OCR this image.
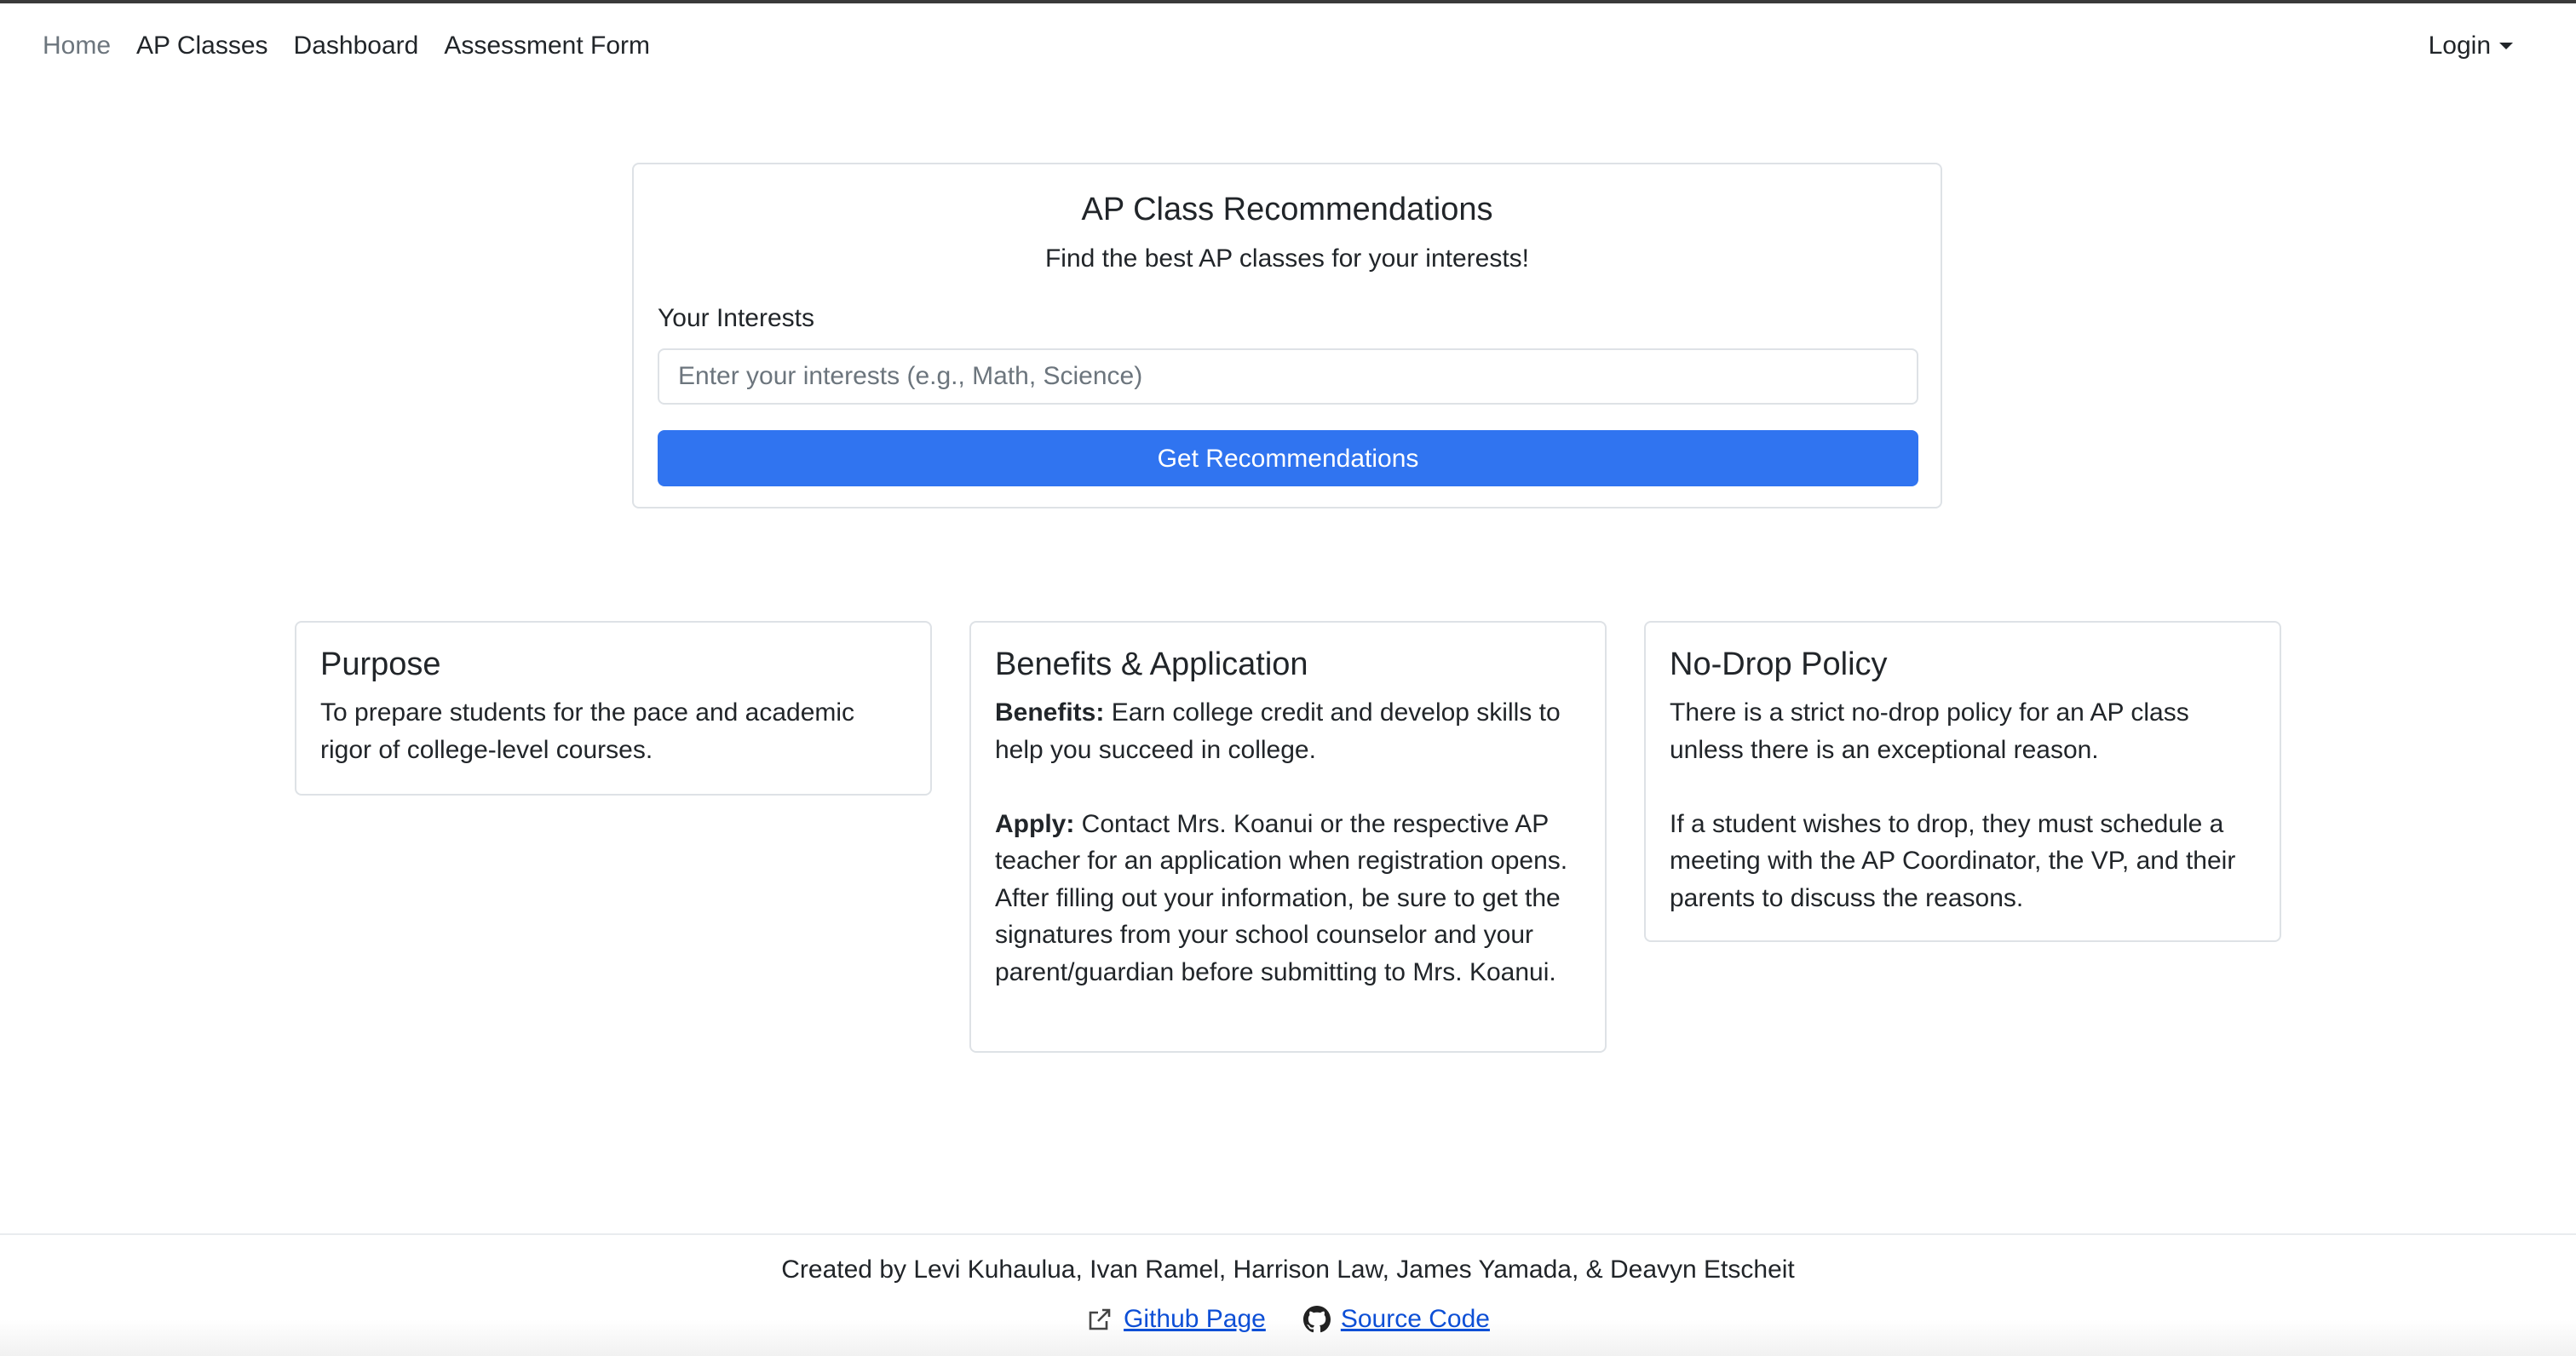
Home AP Classes Dashboard Assessment Form	Login
AP Class Recommendations
Find the best AP classes for your interests!
Your Interests
Enter your interests (e.g., Math, Science)
Get Recommendations
Purpose

To prepare students for the pace and academic rigor of college-level courses.

Benefits & Application

Benefits: Earn college credit and develop skills to help you succeed in college.

Apply: Contact Mrs. Koanui or the respective AP teacher for an application when registration opens. After filling out your information, be sure to get the signatures from your school counselor and your parent/guardian before submitting to Mrs. Koanui.

No-Drop Policy

There is a strict no-drop policy for an AP class unless there is an exceptional reason.

If a student wishes to drop, they must schedule a meeting with the AP Coordinator, the VP, and their parents to discuss the reasons.

Created by Levi Kuhaulua, Ivan Ramel, Harrison Law, James Yamada, & Deavyn Etscheit
Github Page	Source Code
